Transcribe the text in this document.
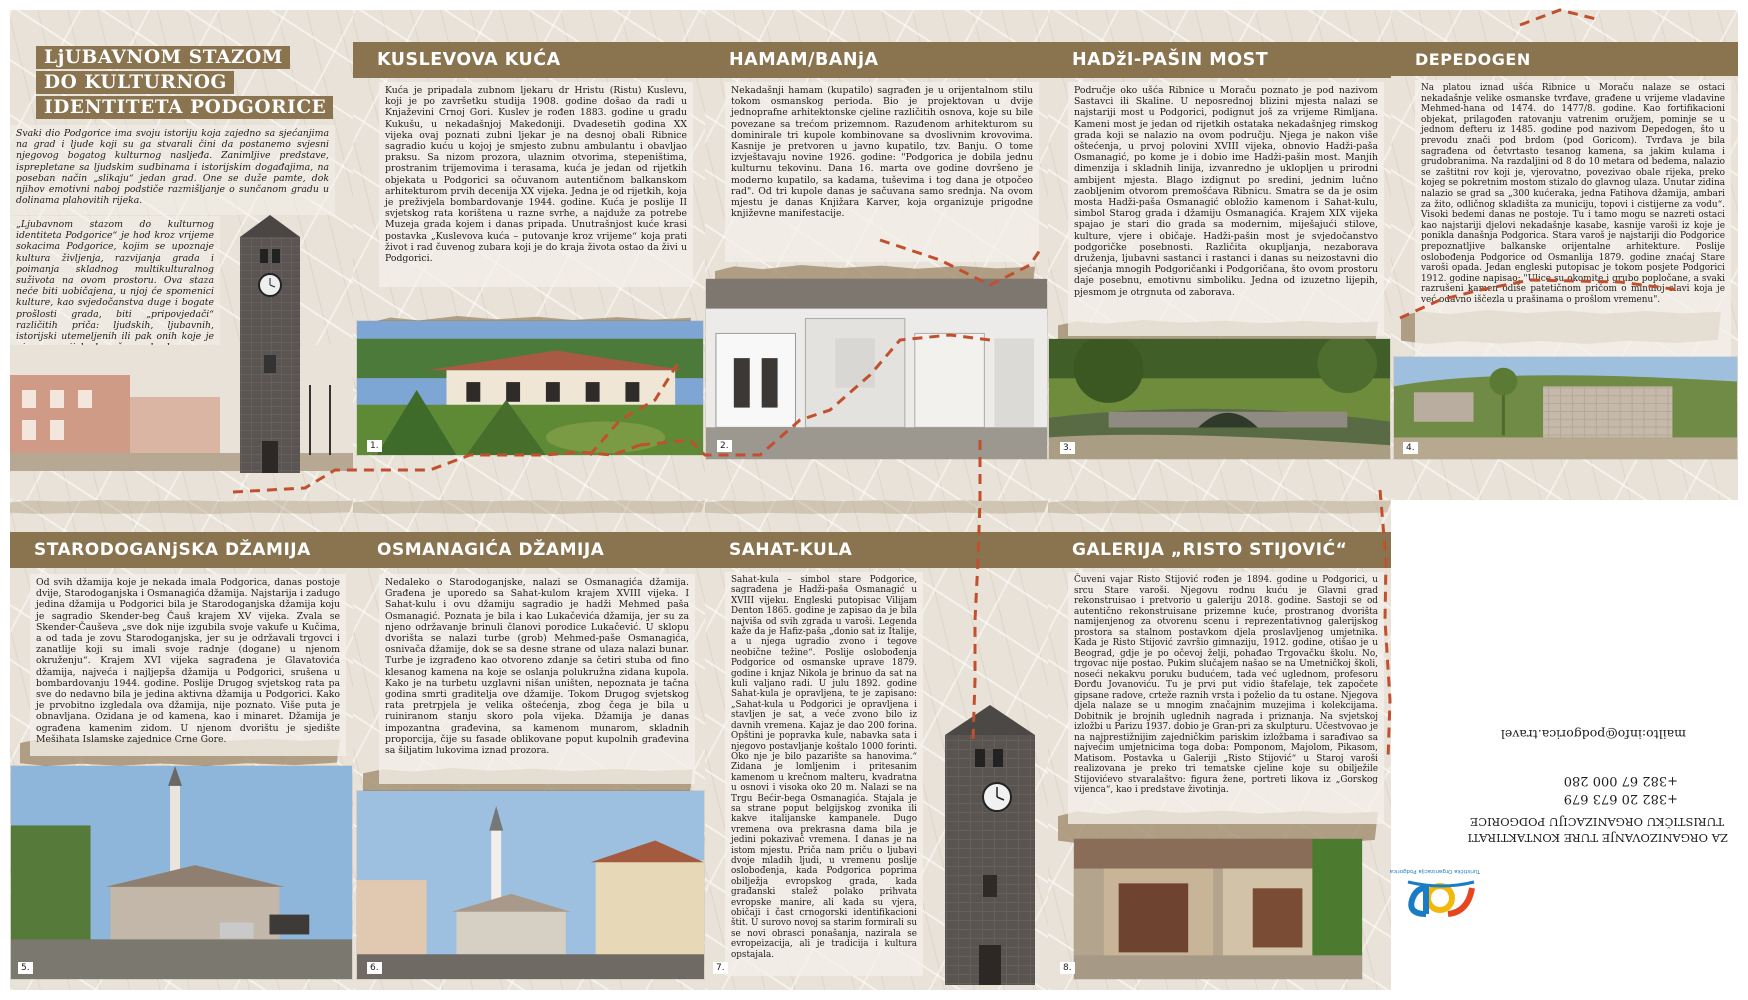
LjUBAVNOM STAZOM
DO KULTURNOG
IDENTITETA PODGORICE

Svaki dio Podgorice ima svoju istoriju koja zajedno sa sjećanjima na grad i ljude koji su ga stvarali čini da postanemo svjesni njegovog bogatog kulturnog nasljeđa. Zanimljive predstave, isprepletane sa ljudskim sudbinama i istorijskim događajima, na poseban način „slikaju“ jedan grad. One se duže pamte, dok njihov emotivni naboj podstiče razmišljanje o sunčanom gradu u dolinama plahovitih rijeka.

„Ljubavnom stazom do kulturnog identiteta Podgorice“ je hod kroz vrijeme sokacima Podgorice, kojim se upoznaje kultura življenja, razvijanja grada i poimanja skladnog multikulturalnog suživota na ovom prostoru. Ova staza neće biti uobičajena, u njoj će spomenici kulture, kao svjedočanstva duge i bogate prošlosti grada, biti „pripovjedači“ različitih priča: ljudskih, ljubavnih, istorijski utemeljenih ili pak onih koje je

KUSLEVOVA KUĆA
Kuća je pripadala zubnom ljekaru dr Hristu (Ristu) Kuslevu, koji je po završetku studija 1908. godine došao da radi u Knjaževini Crnoj Gori. Kuslev je rođen 1883. godine u gradu Kukušu, u nekadašnjoj Makedoniji. Dvadesetih godina XX vijeka ovaj poznati zubni ljekar je na desnoj obali Ribnice sagradio kuću u kojoj je smjesto zubnu ambulantu i obavljao praksu. Sa nizom prozora, ulaznim otvorima, stepeništima, prostranim trijemovima i terasama, kuća je jedan od rijetkih objekata u Podgorici sa očuvanom autentičnom balkanskom arhitekturom prvih decenija XX vijeka. Jedna je od rijetkih, koja je preživjela bombardovanje 1944. godine. Kuća je poslije II svjetskog rata korištena u razne svrhe, a najduže za potrebe Muzeja grada kojem i danas pripada. Unutrašnjost kuće krasi postavka „Kuslevova kuća – putovanje kroz vrijeme“ koja prati život i rad čuvenog zubara koji je do kraja života ostao da živi u Podgorici.
1.
HAMAM/BANjA
Nekadašnji hamam (kupatilo) sagrađen je u orijentalnom stilu tokom osmanskog perioda. Bio je projektovan u dvije jednoprafne arhitektonske cjeline različitih osnova, koje su bile povezane sa trećom prizemnom. Razuđenom arhitekturom su dominirale tri kupole kombinovane sa dvoslivnim krovovima. Kasnije je pretvoren u javno kupatilo, tzv. Banju. O tome izvještavaju novine 1926. godine: "Podgorica je dobila jednu kulturnu tekovinu. Dana 16. marta ove godine dovršeno je moderno kupatilo, sa kadama, tuševima i tog dana je otpočeo rad". Od tri kupole danas je sačuvana samo srednja. Na ovom mjestu je danas Knjižara Karver, koja organizuje prigodne književne manifestacije.
2.
HADžI-PAŠIN MOST
Područje oko ušća Ribnice u Moraču poznato je pod nazivom Sastavci ili Skaline. U neposrednoj blizini mjesta nalazi se najstariji most u Podgorici, podignut još za vrijeme Rimljana. Kameni most je jedan od rijetkih ostataka nekadašnjeg rimskog grada koji se nalazio na ovom području. Njega je nakon više oštećenja, u prvoj polovini XVIII vijeka, obnovio Hadži-paša Osmanagić, po kome je i dobio ime Hadži-pašin most. Manjih dimenzija i skladnih linija, izvanredno je uklopljen u prirodni ambijent mjesta. Blago izdignut po sredini, jednim lučno zaobljenim otvorom premošćava Ribnicu. Smatra se da je osim mosta Hadži-paša Osmanagić obložio kamenom i Sahat-kulu, simbol Starog grada i džamiju Osmanagića. Krajem XIX vijeka spajao je stari dio grada sa modernim, miješajući stilove, kulture, vjere i običaje. Hadži-pašin most je svjedočanstvo podgoričke posebnosti. Različita okupljanja, nezaborava druženja, ljubavni sastanci i rastanci i danas su neizostavni dio sjećanja mnogih Podgoričanki i Podgoričana, što ovom prostoru daje posebnu, emotivnu simboliku. Jedna od izuzetno lijepih, pjesmom je otrgnuta od zaborava.
3.
DEPEDOGEN
Na platou iznad ušća Ribnice u Moraču nalaze se ostaci nekadašnje velike osmanske tvrđave, građene u vrijeme vladavine Mehmed-hana od 1474. do 1477/8. godine. Kao fortifikacioni objekat, prilagođen ratovanju vatrenim oružjem, pominje se u jednom defteru iz 1485. godine pod nazivom Depedogen, što u prevodu znači pod brdom (pod Goricom). Tvrđava je bila sagrađena od četvrtasto tesanog kamena, sa jakim kulama i grudobranima. Na razdaljini od 8 do 10 metara od bedema, nalazio se zaštitni rov koji je, vjerovatno, povezivao obale rijeka, preko kojeg se pokretnim mostom stizalo do glavnog ulaza. Unutar zidina nalazio se grad sa „300 kućeraka, jedna Fatihova džamija, ambari za žito, odličnog skladišta za municiju, topovi i cistijerne za vodu“. Visoki bedemi danas ne postoje. Tu i tamo mogu se nazreti ostaci kao najstariji djelovi nekadašnje kasabe, kasnije varoši iz koje je ponikla današnja Podgorica. Stara varoš je najstariji dio Podgorice prepoznatljive balkanske orijentalne arhitekture. Poslije oslobođenja Podgorice od Osmanlija 1879. godine znaćaj Stare varoši opada. Jedan engleski putopisac je tokom posjete Podgorici 1912. godine napisao: "Ulice su okomite i grubo popločane, a svaki razrušeni kamen odiše patetičnom pričom o minuloj slavi koja je već odavno iščezla u prašinama o prošlom vremenu".
4.
STARODOGANjSKA DŽAMIJA
Od svih džamija koje je nekada imala Podgorica, danas postoje dvije, Starodoganjska i Osmanagića džamija. Najstarija i zadugo jedina džamija u Podgorici bila je Starodoganjska džamija koju je sagradio Skender-beg Čauš krajem XV vijeka. Zvala se Skender-Čauševa „sve dok nije izgubila svoje vakufe u Kučima, a od tada je zovu Starodoganjska, jer su je održavali trgovci i zanatlije koji su imali svoje radnje (dogane) u njenom okruženju“. Krajem XVI vijeka sagrađena je Glavatovića džamija, najveća i najljepša džamija u Podgorici, srušena u bombardovanju 1944. godine. Poslije Drugog svjetskog rata pa sve do nedavno bila je jedina aktivna džamija u Podgorici. Kako je prvobitno izgledala ova džamija, nije poznato. Više puta je obnavljana. Ozidana je od kamena, kao i minaret. Džamija je ograđena kamenim zidom. U njenom dvorištu je sjedište Mešihata Islamske zajednice Crne Gore.
5.
OSMANAGIĆA DŽAMIJA
Nedaleko o Starodoganjske, nalazi se Osmanagića džamija. Građena je uporedo sa Sahat-kulom krajem XVIII vijeka. I Sahat-kulu i ovu džamiju sagradio je hadži Mehmed paša Osmanagić. Poznata je bila i kao Lukačevića džamija, jer su za njeno održavanje brinuli članovi porodice Lukačević. U sklopu dvorišta se nalazi turbe (grob) Mehmed-paše Osmanagića, osnivača džamije, dok se sa desne strane od ulaza nalazi bunar. Turbe je izgrađeno kao otvoreno zdanje sa četiri stuba od fino klesanog kamena na koje se oslanja polukružna zidana kupola. Kako je na turbetu uzglavni nišan uništen, nepoznata je tačna godina smrti graditelja ove džamije. Tokom Drugog svjetskog rata pretrpjela je velika oštećenja, zbog čega je bila u ruiniranom stanju skoro pola vijeka. Džamija je danas impozantna građevina, sa kamenom munarom, skladnih proporcija, čije su fasade oblikovane poput kupolnih građevina sa šiljatim lukovima iznad prozora.
6.
SAHAT-KULA
Sahat-kula – simbol stare Podgorice, sagrađena je Hadži-paša Osmanagić u XVIII vijeku. Engleski putopisac Vilijam Denton 1865. godine je zapisao da je bila najviša od svih zgrada u varoši. Legenda kaže da je Hafiz-paša „donio sat iz Italije, a u njega ugradio zvono i tegove neobične težine“. Poslije oslobođenja Podgorice od osmanske uprave 1879. godine i knjaz Nikola je brinuo da sat na kuli valjano radi. U julu 1892. godine Sahat-kula je opravljena, te je zapisano: „Sahat-kula u Podgorici je opravljena i stavljen je sat, a veće zvono bilo iz davnih vremena. Kajaz je dao 200 forina. Opštini je popravka kule, nabavka sata i njegovo postavljanje koštalo 1000 forinti. Oko nje je bilo pazarište sa hanovima.“ Zidana je lomljenim i pritesanim kamenom u krečnom malteru, kvadratna u osnovi i visoka oko 20 m. Nalazi se na Trgu Bećir-bega Osmanagića. Stajala je sa strane poput belgijskog zvonika ili kakve italijanske kampanele. Dugo vremena ova prekrasna dama bila je jedini pokazivač vremena. I danas je na istom mjestu. Priča nam priču o ljubavi dvoje mladih ljudi, u vremenu poslije oslobođenja, kada Podgorica poprima obilježja evropskog grada, kada građanski stalež polako prihvata evropske manire, ali kada su vjera, običaji i čast crnogorski identifikacioni štit. U surovo novoj sa starim formirali su se novi obrasci ponašanja, nazirala se evropeizacija, ali je tradicija i kultura opstajala.
7.
GALERIJA „RISTO STIJOVIĆ“
Čuveni vajar Risto Stijović rođen je 1894. godine u Podgorici, u srcu Stare varoši. Njegovu rodnu kuću je Glavni grad rekonstruisao i pretvorio u galeriju 2018. godine. Sastoji se od autentično rekonstruisane prizemne kuće, prostranog dvorišta namijenjenog za otvorenu scenu i reprezentativnog galerijskog prostora sa stalnom postavkom djela proslavljenog umjetnika. Kada je Risto Stijović završio gimnaziju, 1912. godine, otišao je u Beograd, gdje je po očevoj želji, pohađao Trgovačku školu. No, trgovac nije postao. Pukim slučajem našao se na Umetničkoj školi, noseći nekakvu poruku budućem, tada već uglednom, profesoru Đorđu Jovanoviću. Tu je prvi put vidio štafelaje, tek započete gipsane radove, crteže raznih vrsta i poželio da tu ostane. Njegova djela nalaze se u mnogim značajnim muzejima i kolekcijama. Dobitnik je brojnih uglednih nagrada i priznanja. Na svjetskoj izložbi u Parizu 1937. dobio je Gran-pri za skulpturu. Učestvovao je na najprestižnijim zajedničkim pariskim izložbama i sarađivao sa najvećim umjetnicima toga doba: Pomponom, Majolom, Pikasom, Matisom. Postavka u Galeriji „Risto Stijović“ u Staroj varoši realizovana je preko tri tematske cjeline koje su obilježile Stijovićevo stvaralaštvo: figura žene, portreti likova iz „Gorskog vijenca“, kao i predstave životinja.
8.
ZA ORGANIZOVANJE TURE KONTAKTIRATI
TURISTIČKU ORGANIZACIJU PODGORICE
+382 20 673 679
+382 67 000 280
mailto:info@podgorica.travel
Turistička Organizacija Podgorica
